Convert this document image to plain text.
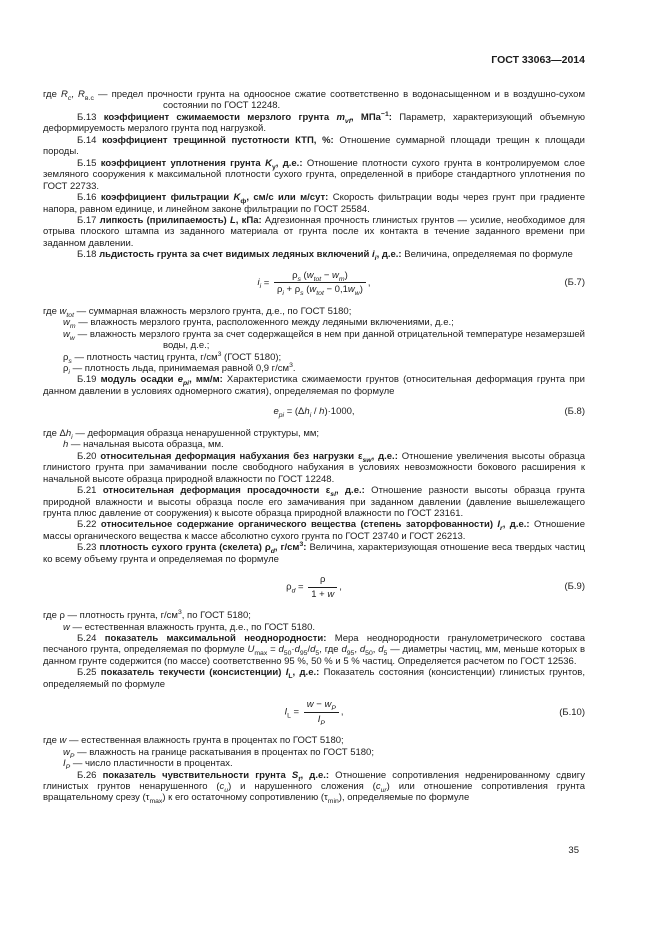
ГОСТ 33063—2014
где $R_c$, $R_{в.с}$ — предел прочности грунта на одноосное сжатие соответственно в водонасыщенном и в воздушно-сухом состоянии по ГОСТ 12248.
Б.13 коэффициент сжимаемости мерзлого грунта $m_{vf}$, МПа$^{-1}$: Параметр, характеризующий объемную деформируемость мерзлого грунта под нагрузкой.
Б.14 коэффициент трещинной пустотности КТП, %: Отношение суммарной площади трещин к площади породы.
Б.15 коэффициент уплотнения грунта $K_у$, д.е.: Отношение плотности сухого грунта в контролируемом слое земляного сооружения к максимальной плотности сухого грунта, определенной в приборе стандартного уплотнения по ГОСТ 22733.
Б.16 коэффициент фильтрации $K_ф$, см/с или м/сут: Скорость фильтрации воды через грунт при градиенте напора, равном единице, и линейном законе фильтрации по ГОСТ 25584.
Б.17 липкость (прилипаемость) L, кПа: Адгезионная прочность глинистых грунтов — усилие, необходимое для отрыва плоского штампа из заданного материала от грунта после их контакта в течение заданного времени при заданном давлении.
Б.18 льдистость грунта за счет видимых ледяных включений $i_i$, д.е.: Величина, определяемая по формуле
$i_i = \frac{\rho_s (w_{tot} - w_m)}{\rho_i + \rho_s (w_{tot} - 0,1w_w)}$ ,	(Б.7)
где $w_{tot}$ — суммарная влажность мерзлого грунта, д.е., по ГОСТ 5180;
$w_m$ — влажность мерзлого грунта, расположенного между ледяными включениями, д.е.;
$w_w$ — влажность мерзлого грунта за счет содержащейся в нем при данной отрицательной температуре незамерзшей воды, д.е.;
$\rho_s$ — плотность частиц грунта, $г/см^3$ (ГОСТ 5180);
$\rho_i$ — плотность льда, принимаемая равной 0,9 $г/см^3$.
Б.19 модуль осадки $e_{pi}$, мм/м: Характеристика сжимаемости грунтов (относительная деформация грунта при данном давлении в условиях одномерного сжатия), определяемая по формуле
$e_{pi} = (\Delta h_i / h)\cdot 1000$,	(Б.8)
где $\Delta h_i$ — деформация образца ненарушенной структуры, мм;
h — начальная высота образца, мм.
Б.20 относительная деформация набухания без нагрузки $\varepsilon_{sw}$, д.е.: Отношение увеличения высоты образца глинистого грунта при замачивании после свободного набухания в условиях невозможности бокового расширения к начальной высоте образца природной влажности по ГОСТ 12248.
Б.21 относительная деформация просадочности $\varepsilon_{sl}$, д.е.: Отношение разности высоты образца грунта природной влажности и высоты образца после его замачивания при заданном давлении (давление вышележащего грунта плюс давление от сооружения) к высоте образца природной влажности по ГОСТ 23161.
Б.22 относительное содержание органического вещества (степень заторфованности) $I_r$, д.е.: Отношение массы органического вещества к массе абсолютно сухого грунта по ГОСТ 23740 и ГОСТ 26213.
Б.23 плотность сухого грунта (скелета) $\rho_d$, $г/см^3$: Величина, характеризующая отношение веса твердых частиц ко всему объему грунта и определяемая по формуле
$\rho_d = \frac{\rho}{1 + w}$ ,	(Б.9)
где ρ — плотность грунта, $г/см^3$, по ГОСТ 5180;
w — естественная влажность грунта, д.е., по ГОСТ 5180.
Б.24 показатель максимальной неоднородности: Мера неоднородности гранулометрического состава песчаного грунта, определяемая по формуле $U_{max} = d_{50}\cdot d_{95}/d_5$, где $d_{95}$, $d_{50}$, $d_5$ — диаметры частиц, мм, меньше которых в данном грунте содержится (по массе) соответственно 95 %, 50 % и 5 % частиц. Определяется расчетом по ГОСТ 12536.
Б.25 показатель текучести (консистенции) $I_L$, д.е.: Показатель состояния (консистенции) глинистых грунтов, определяемый по формуле
$I_L = \frac{w - w_P}{I_P}$ ,	(Б.10)
где w — естественная влажность грунта в процентах по ГОСТ 5180;
$w_P$ — влажность на границе раскатывания в процентах по ГОСТ 5180;
$I_P$ — число пластичности в процентах.
Б.26 показатель чувствительности грунта $S_t$, д.е.: Отношение сопротивления недренированному сдвигу глинистых грунтов ненарушенного $(c_u)$ и нарушенного сложения $(c_{ur})$ или отношение сопротивления грунта вращательному срезу $(\tau_{max})$ к его остаточному сопротивлению $(\tau_{min})$, определяемые по формуле
35
